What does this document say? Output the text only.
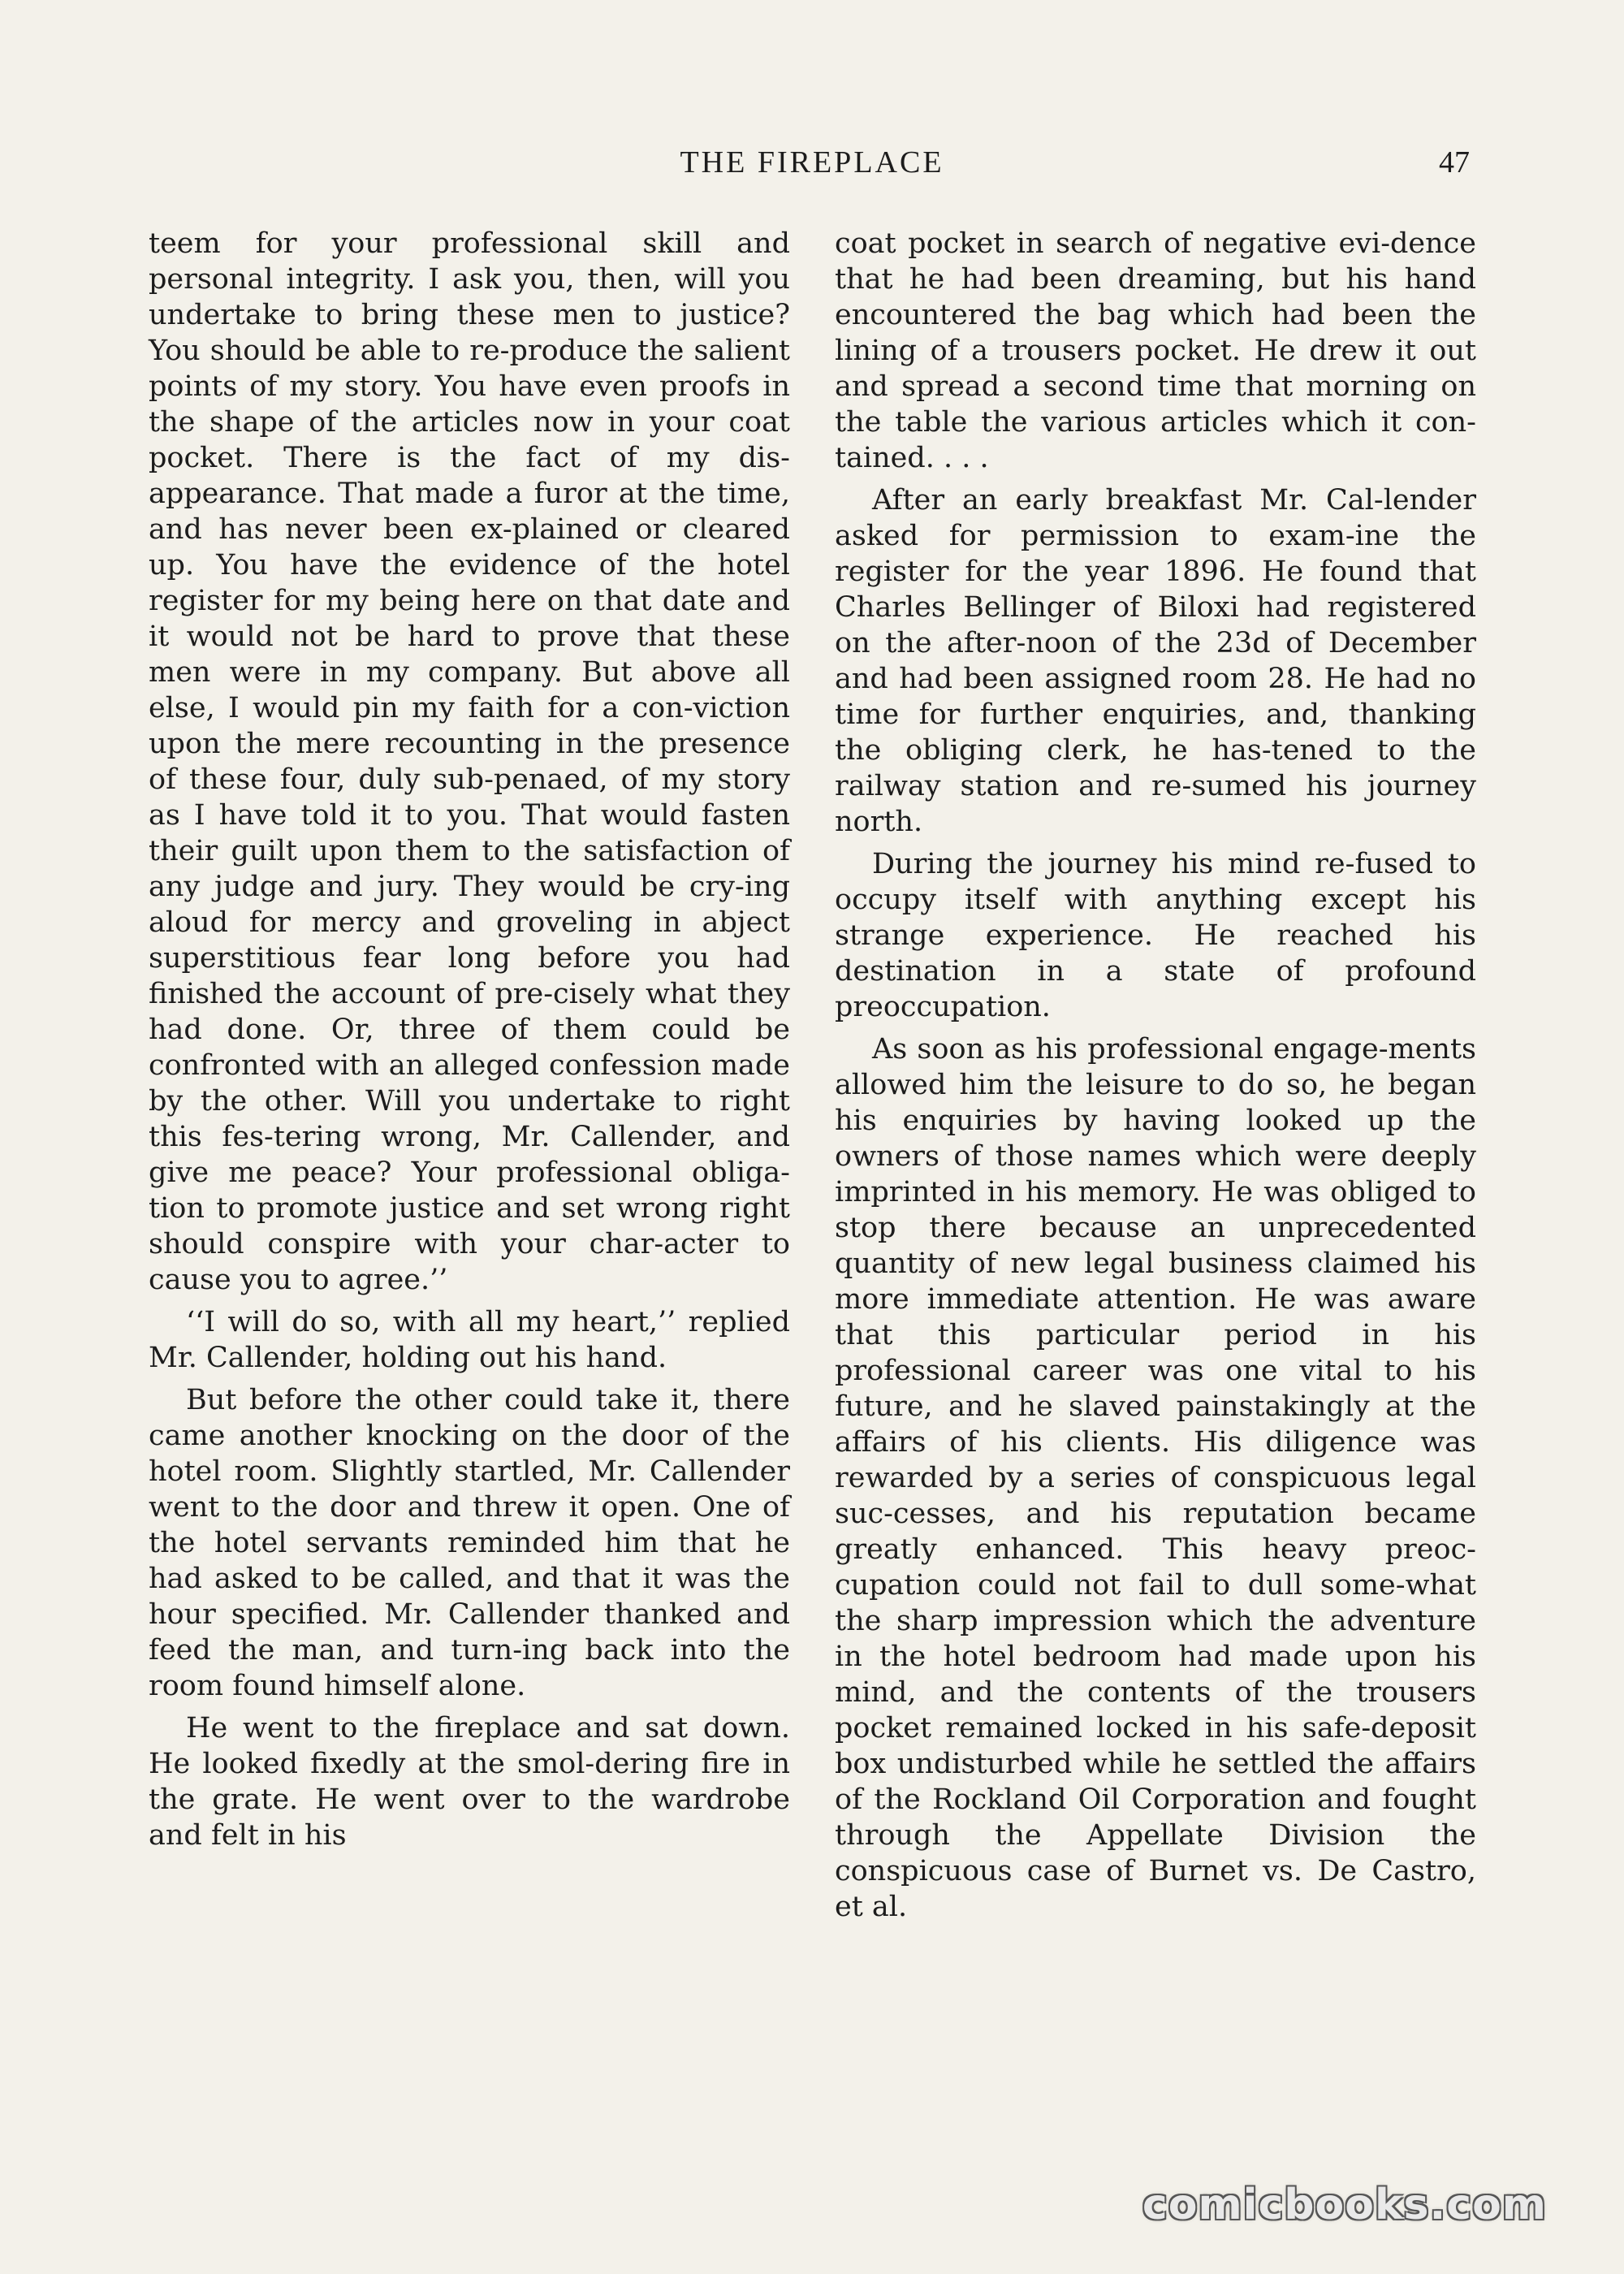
THE FIREPLACE	47

teem for your professional skill and personal integrity. I ask you, then, will you undertake to bring these men to justice? You should be able to re-produce the salient points of my story. You have even proofs in the shape of the articles now in your coat pocket. There is the fact of my dis-appearance. That made a furor at the time, and has never been ex-plained or cleared up. You have the evidence of the hotel register for my being here on that date and it would not be hard to prove that these men were in my company. But above all else, I would pin my faith for a con-viction upon the mere recounting in the presence of these four, duly sub-penaed, of my story as I have told it to you. That would fasten their guilt upon them to the satisfaction of any judge and jury. They would be cry-ing aloud for mercy and groveling in abject superstitious fear long before you had finished the account of pre-cisely what they had done. Or, three of them could be confronted with an alleged confession made by the other. Will you undertake to right this fes-tering wrong, Mr. Callender, and give me peace? Your professional obliga-tion to promote justice and set wrong right should conspire with your char-acter to cause you to agree.’’

‘‘I will do so, with all my heart,’’ replied Mr. Callender, holding out his hand.

But before the other could take it, there came another knocking on the door of the hotel room. Slightly startled, Mr. Callender went to the door and threw it open. One of the hotel servants reminded him that he had asked to be called, and that it was the hour specified. Mr. Callender thanked and feed the man, and turn-ing back into the room found himself alone.

He went to the fireplace and sat down. He looked fixedly at the smol-dering fire in the grate. He went over to the wardrobe and felt in his

coat pocket in search of negative evi-dence that he had been dreaming, but his hand encountered the bag which had been the lining of a trousers pocket. He drew it out and spread a second time that morning on the table the various articles which it con-tained. . . .

After an early breakfast Mr. Cal-lender asked for permission to exam-ine the register for the year 1896. He found that Charles Bellinger of Biloxi had registered on the after-noon of the 23d of December and had been assigned room 28. He had no time for further enquiries, and, thanking the obliging clerk, he has-tened to the railway station and re-sumed his journey north.

During the journey his mind re-fused to occupy itself with anything except his strange experience. He reached his destination in a state of profound preoccupation.

As soon as his professional engage-ments allowed him the leisure to do so, he began his enquiries by having looked up the owners of those names which were deeply imprinted in his memory. He was obliged to stop there because an unprecedented quantity of new legal business claimed his more immediate attention. He was aware that this particular period in his professional career was one vital to his future, and he slaved painstakingly at the affairs of his clients. His diligence was rewarded by a series of conspicuous legal suc-cesses, and his reputation became greatly enhanced. This heavy preoc-cupation could not fail to dull some-what the sharp impression which the adventure in the hotel bedroom had made upon his mind, and the contents of the trousers pocket remained locked in his safe-deposit box undisturbed while he settled the affairs of the Rockland Oil Corporation and fought through the Appellate Division the conspicuous case of Burnet vs. De Castro, et al.

comicbooks.com
